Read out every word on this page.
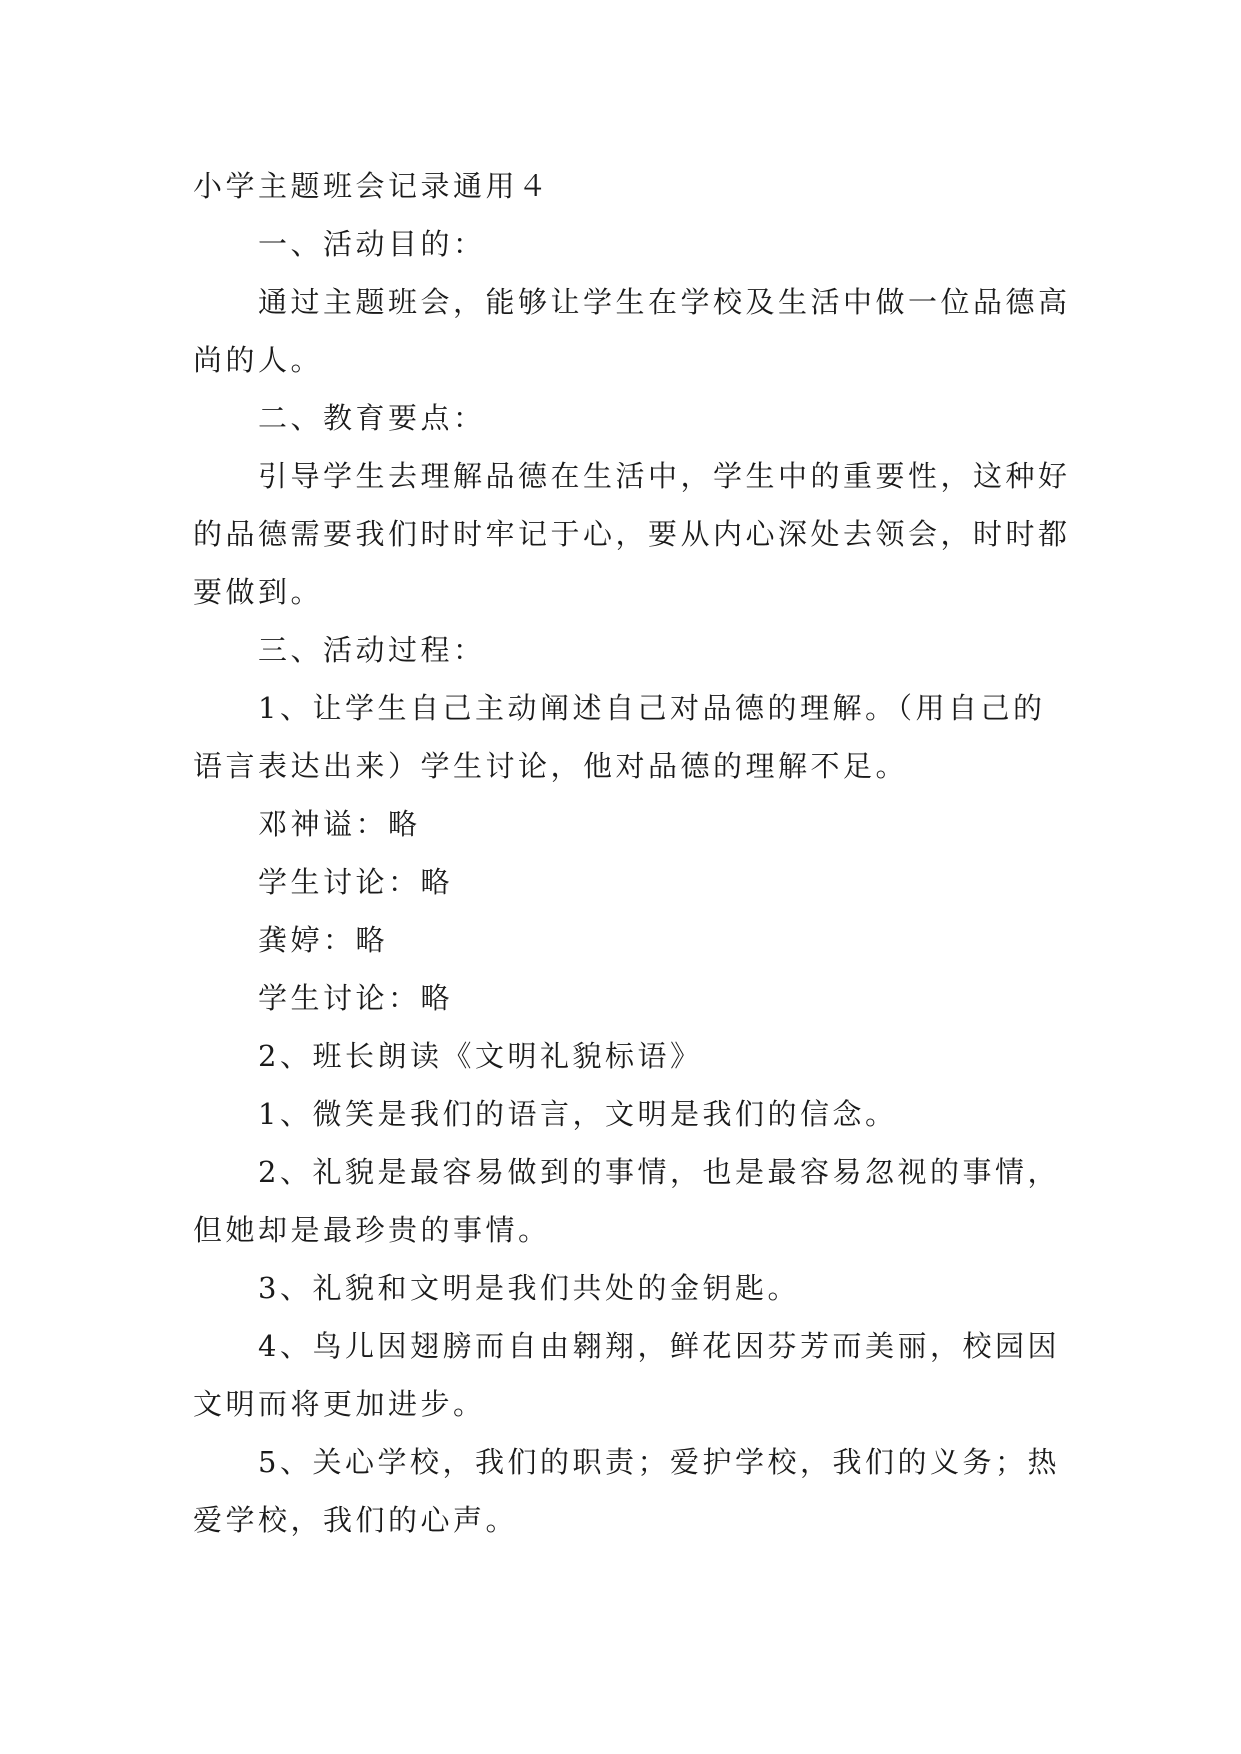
小学主题班会记录通用４

一、活动目的：

通过主题班会，能够让学生在学校及生活中做一位品德高尚的人。

二、教育要点：

引导学生去理解品德在生活中，学生中的重要性，这种好的品德需要我们时时牢记于心，要从内心深处去领会，时时都要做到。

三、活动过程：

1、让学生自己主动阐述自己对品德的理解。（用自己的语言表达出来）学生讨论，他对品德的理解不足。

邓神谥：略

学生讨论：略

龚婷：略

学生讨论：略

2、班长朗读《文明礼貌标语》

1、微笑是我们的语言，文明是我们的信念。

2、礼貌是最容易做到的事情，也是最容易忽视的事情，但她却是最珍贵的事情。

3、礼貌和文明是我们共处的金钥匙。

4、鸟儿因翅膀而自由翱翔，鲜花因芬芳而美丽，校园因文明而将更加进步。

5、关心学校，我们的职责；爱护学校，我们的义务；热爱学校，我们的心声。
